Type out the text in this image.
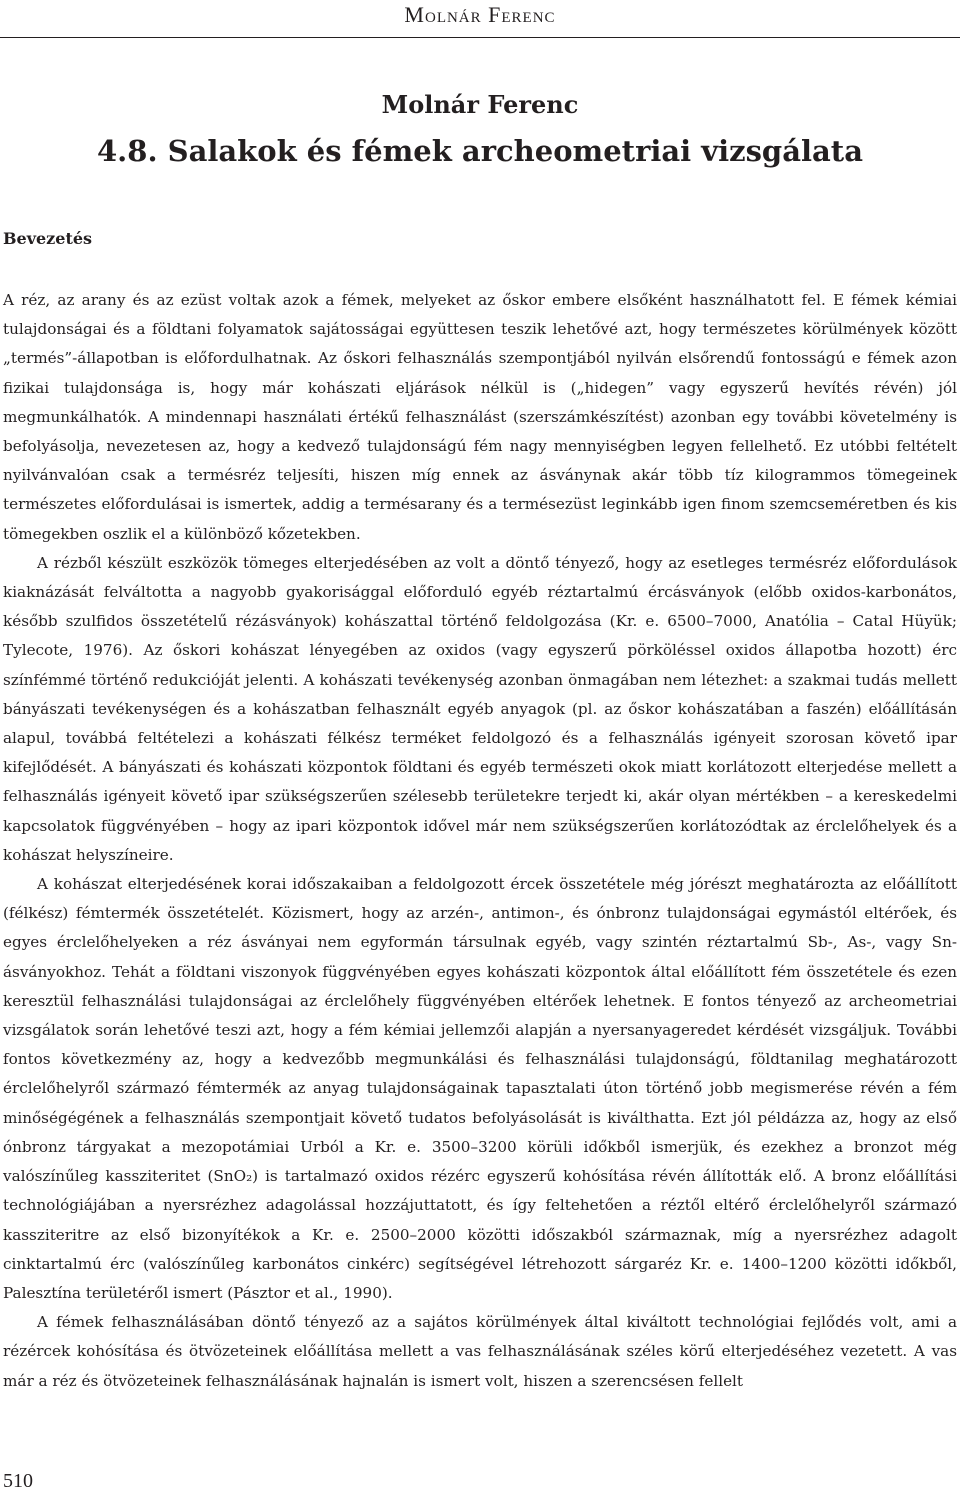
Molnár Ferenc
Molnár Ferenc
4.8. Salakok és fémek archeometriai vizsgálata
Bevezetés

A réz, az arany és az ezüst voltak azok a fémek, melyeket az őskor embere elsőként használhatott fel. E fémek kémiai tulajdonságai és a földtani folyamatok sajátosságai együttesen teszik lehetővé azt, hogy természetes körülmények között „termés”-állapotban is előfordulhatnak. Az őskori felhasználás szempontjából nyilván elsőrendű fontosságú e fémek azon fizikai tulajdonsága is, hogy már kohászati eljárások nélkül is („hidegen” vagy egyszerű hevítés révén) jól megmunkálhatók. A mindennapi használati értékű felhasználást (szerszámkészítést) azonban egy további követelmény is befolyásolja, nevezetesen az, hogy a kedvező tulajdonságú fém nagy mennyiségben legyen fellelhető. Ez utóbbi feltételt nyilvánvalóan csak a termésréz teljesíti, hiszen míg ennek az ásványnak akár több tíz kilogrammos tömegeinek természetes előfordulásai is ismertek, addig a termésarany és a termésezüst leginkább igen finom szemcseméretben és kis tömegekben oszlik el a különböző kőzetekben.

A rézből készült eszközök tömeges elterjedésében az volt a döntő tényező, hogy az esetleges termésréz előfordulások kiaknázását felváltotta a nagyobb gyakorisággal előforduló egyéb réztartalmú ércásványok (előbb oxidos-karbonátos, később szulfidos összetételű rézásványok) kohászattal történő feldolgozása (Kr. e. 6500–7000, Anatólia – Catal Hüyük; Tylecote, 1976). Az őskori kohászat lényegében az oxidos (vagy egyszerű pörköléssel oxidos állapotba hozott) érc színfémmé történő redukcióját jelenti. A kohászati tevékenység azonban önmagában nem létezhet: a szakmai tudás mellett bányászati tevékenységen és a kohászatban felhasznált egyéb anyagok (pl. az őskor kohászatában a faszén) előállításán alapul, továbbá feltételezi a kohászati félkész terméket feldolgozó és a felhasználás igényeit szorosan követő ipar kifejlődését. A bányászati és kohászati központok földtani és egyéb természeti okok miatt korlátozott elterjedése mellett a felhasználás igényeit követő ipar szükségszerűen szélesebb területekre terjedt ki, akár olyan mértékben – a kereskedelmi kapcsolatok függvényében – hogy az ipari központok idővel már nem szükségszerűen korlátozódtak az érclelőhelyek és a kohászat helyszíneire.

A kohászat elterjedésének korai időszakaiban a feldolgozott ércek összetétele még jórészt meghatározta az előállított (félkész) fémtermék összetételét. Közismert, hogy az arzén-, antimon-, és ónbronz tulajdonságai egymástól eltérőek, és egyes érclelőhelyeken a réz ásványai nem egyformán társulnak egyéb, vagy szintén réztartalmú Sb-, As-, vagy Sn- ásványokhoz. Tehát a földtani viszonyok függvényében egyes kohászati központok által előállított fém összetétele és ezen keresztül felhasználási tulajdonságai az érclelőhely függvényében eltérőek lehetnek. E fontos tényező az archeometriai vizsgálatok során lehetővé teszi azt, hogy a fém kémiai jellemzői alapján a nyersanyageredet kérdését vizsgáljuk. További fontos következmény az, hogy a kedvezőbb megmunkálási és felhasználási tulajdonságú, földtanilag meghatározott érclelőhelyről származó fémtermék az anyag tulajdonságainak tapasztalati úton történő jobb megismerése révén a fém minőségégének a felhasználás szempontjait követő tudatos befolyásolását is kiválthatta. Ezt jól példázza az, hogy az első ónbronz tárgyakat a mezopotámiai Urból a Kr. e. 3500–3200 körüli időkből ismerjük, és ezekhez a bronzot még valószínűleg kassziteritet (SnO₂) is tartalmazó oxidos rézérc egyszerű kohósítása révén állították elő. A bronz előállítási technológiájában a nyersrézhez adagolással hozzájuttatott, és így feltehetően a réztől eltérő érclelőhelyről származó kassziteritre az első bizonyítékok a Kr. e. 2500–2000 közötti időszakból származnak, míg a nyersrézhez adagolt cinktartalmú érc (valószínűleg karbonátos cinkérc) segítségével létrehozott sárgaréz Kr. e. 1400–1200 közötti időkből, Palesztína területéről ismert (Pásztor et al., 1990).

A fémek felhasználásában döntő tényező az a sajátos körülmények által kiváltott technológiai fejlődés volt, ami a rézércek kohósítása és ötvözeteinek előállítása mellett a vas felhasználásának széles körű elterjedéséhez vezetett. A vas már a réz és ötvözeteinek felhasználásának hajnalán is ismert volt, hiszen a szerencsésen fellelt

510
